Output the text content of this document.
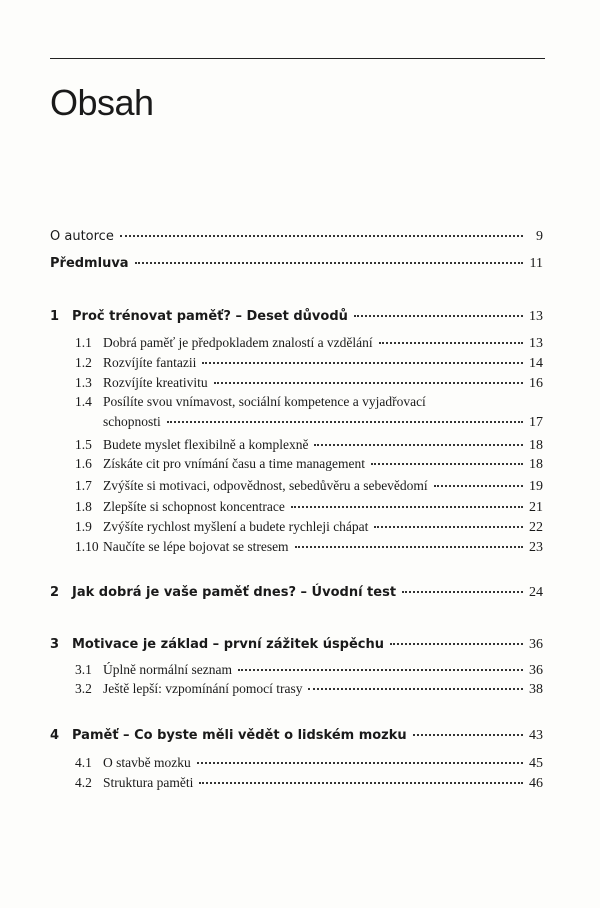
Obsah
O autorce	9
Předmluva	11
1 Proč trénovat paměť? – Deset důvodů	13
1.1 Dobrá paměť je předpokladem znalostí a vzdělání	13
1.2 Rozvíjíte fantazii	14
1.3 Rozvíjíte kreativitu	16
1.4 Posílíte svou vnímavost, sociální kompetence a vyjadřovací
schopnosti	17
1.5 Budete myslet flexibilně a komplexně	18
1.6 Získáte cit pro vnímání času a time management	18
1.7 Zvýšíte si motivaci, odpovědnost, sebedůvěru a sebevědomí	19
1.8 Zlepšíte si schopnost koncentrace	21
1.9 Zvýšíte rychlost myšlení a budete rychleji chápat	22
1.10 Naučíte se lépe bojovat se stresem	23
2 Jak dobrá je vaše paměť dnes? – Úvodní test	24
3 Motivace je základ – první zážitek úspěchu	36
3.1 Úplně normální seznam	36
3.2 Ještě lepší: vzpomínání pomocí trasy	38
4 Paměť – Co byste měli vědět o lidském mozku	43
4.1 O stavbě mozku	45
4.2 Struktura paměti	46
